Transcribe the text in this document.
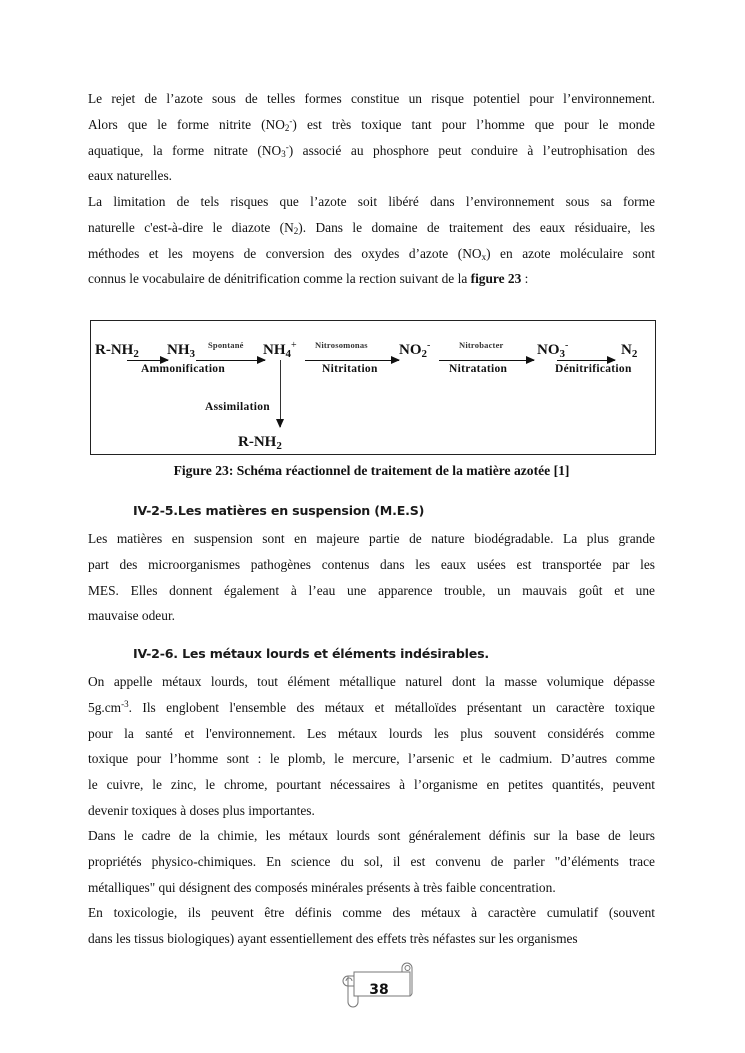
Le rejet de l’azote sous de telles formes constitue un risque potentiel pour l’environnement.
Alors que le forme nitrite $(NO_2^-)$ est très toxique tant pour l’homme que pour le monde
aquatique, la forme nitrate $(NO_3^-)$ associé au phosphore peut conduire à l’eutrophisation des
eaux naturelles.
La limitation de tels risques que l’azote soit libéré dans l’environnement sous sa forme
naturelle c'est-à-dire le diazote $(N_2)$. Dans le domaine de traitement des eaux résiduaire, les
méthodes et les moyens de conversion des oxydes d’azote $(NO_x)$ en azote moléculaire sont
connus le vocabulaire de dénitrification comme la rection suivant de la figure 23 :
$R-NH_2$ $NH_3$
Ammonification
Spontané $NH_4^+$ Nitrosomonas
Nitritation
$NO_2^-$	Nitrobacter
Nitratation
$NO_3^-$
Dénitrification
$N_2$
Assimilation
$R-NH_2$
Figure 23: Schéma réactionnel de traitement de la matière azotée [1]
IV-2-5.Les matières en suspension (M.E.S)
Les matières en suspension sont en majeure partie de nature biodégradable. La plus grande
part des microorganismes pathogènes contenus dans les eaux usées est transportée par les
MES. Elles donnent également à l’eau une apparence trouble, un mauvais goût et une
mauvaise odeur.
IV-2-6. Les métaux lourds et éléments indésirables.
On appelle métaux lourds, tout élément métallique naturel dont la masse volumique dépasse
$5g.cm^{-3}$. Ils englobent l'ensemble des métaux et métalloïdes présentant un caractère toxique
pour la santé et l'environnement. Les métaux lourds les plus souvent considérés comme
toxique pour l’homme sont : le plomb, le mercure, l’arsenic et le cadmium. D’autres comme
le cuivre, le zinc, le chrome, pourtant nécessaires à l’organisme en petites quantités, peuvent
devenir toxiques à doses plus importantes.
Dans le cadre de la chimie, les métaux lourds sont généralement définis sur la base de leurs
propriétés physico-chimiques. En science du sol, il est convenu de parler "d’éléments trace
métalliques" qui désignent des composés minérales présents à très faible concentration.
En toxicologie, ils peuvent être définis comme des métaux à caractère cumulatif (souvent
dans les tissus biologiques) ayant essentiellement des effets très néfastes sur les organismes
38
